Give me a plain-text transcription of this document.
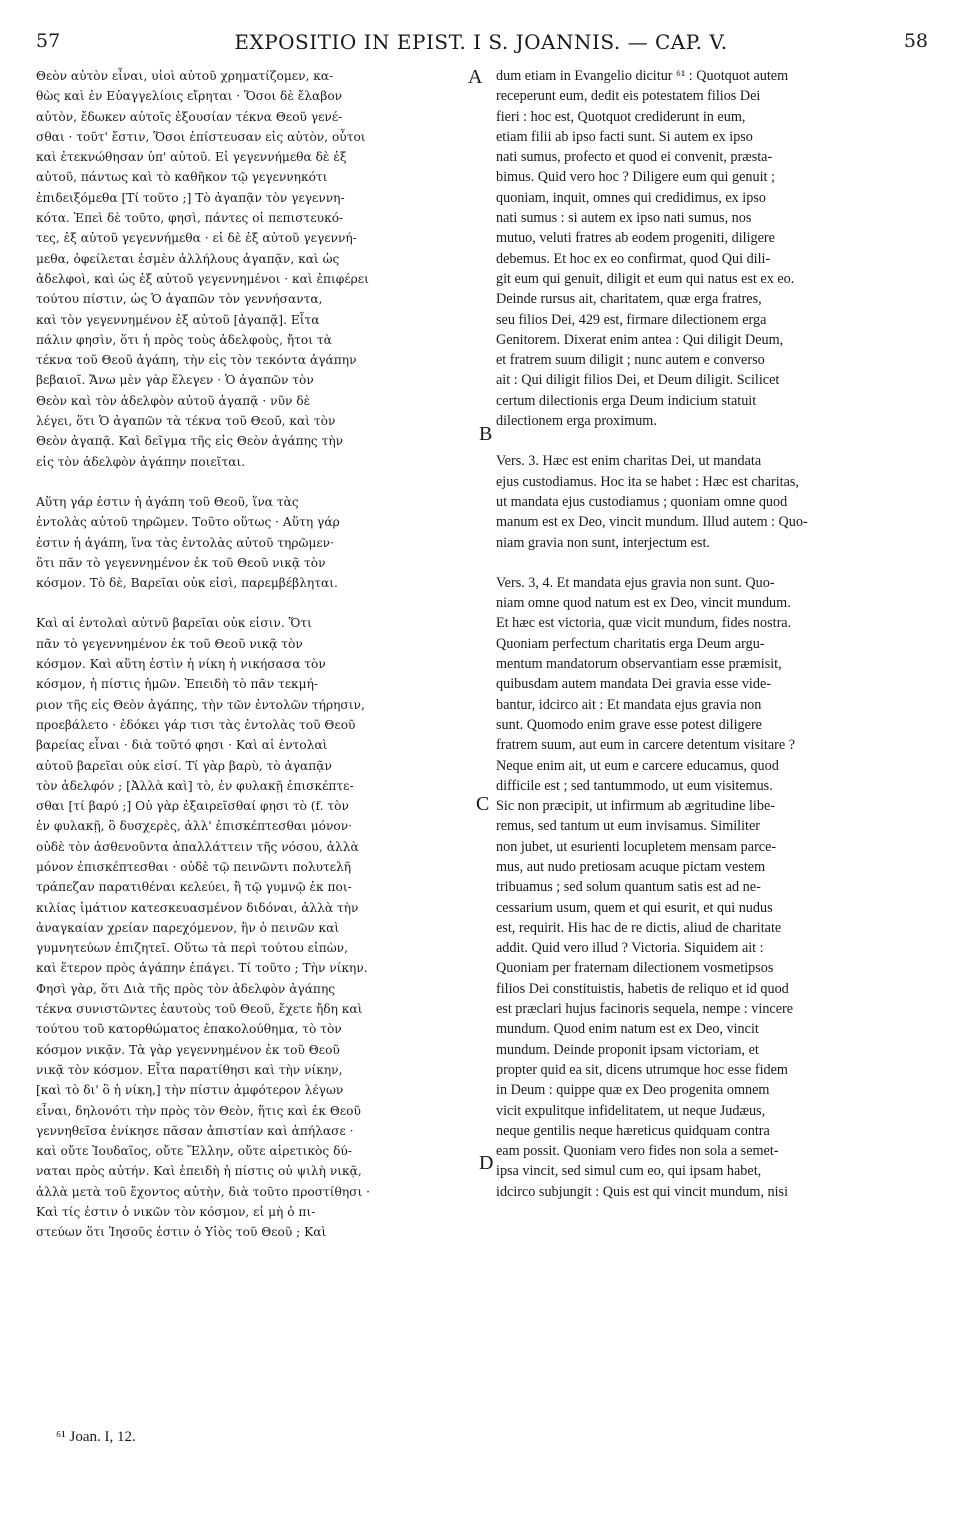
57	EXPOSITIO IN EPIST. I S. JOANNIS. — CAP. V.	58
Θεὸν αὐτὸν εἶναι, υἱοὶ αὐτοῦ χρηματίζομεν, κα-
θὼς καὶ ἐν Εὐαγγελίοις εἴρηται · Ὅσοι δὲ ἔλαβον
αὐτὸν, ἔδωκεν αὐτοῖς ἐξουσίαν τέκνα Θεοῦ γενέ-
σθαι · τοῦτ' ἔστιν, Ὅσοι ἐπίστευσαν εἰς αὐτὸν, οὗτοι
καὶ ἐτεκνώθησαν ὑπ' αὐτοῦ. Εἰ γεγεννήμεθα δὲ ἐξ
αὐτοῦ, πάντως καὶ τὸ καθῆκον τῷ γεγεννηκότι
ἐπιδειξόμεθα [Τί τοῦτο ;] Τὸ ἀγαπᾷν τὸν γεγεννη-
κότα. Ἐπεὶ δὲ τοῦτο, φησὶ, πάντες οἱ πεπιστευκό-
τες, ἐξ αὐτοῦ γεγεννήμεθα · εἰ δὲ ἐξ αὐτοῦ γεγεννή-
μεθα, ὀφείλεται ἐσμὲν ἀλλήλους ἀγαπᾷν, καὶ ὡς
ἀδελφοὶ, καὶ ὡς ἐξ αὐτοῦ γεγεννημένοι · καὶ ἐπιφέρει
τούτου πίστιν, ὡς Ὁ ἀγαπῶν τὸν γεννήσαντα,
καὶ τὸν γεγεννημένον ἐξ αὐτοῦ [ἀγαπᾷ]. Εἶτα
πάλιν φησὶν, ὅτι ἡ πρὸς τοὺς ἀδελφοὺς, ἤτοι τὰ
τέκνα τοῦ Θεοῦ ἀγάπη, τὴν εἰς τὸν τεκόντα ἀγάπην
βεβαιοῖ. Ἄνω μὲν γὰρ ἔλεγεν · Ὁ ἀγαπῶν τὸν
Θεὸν καὶ τὸν ἀδελφὸν αὐτοῦ ἀγαπᾷ · νῦν δὲ
λέγει, ὅτι Ὁ ἀγαπῶν τὰ τέκνα τοῦ Θεοῦ, καὶ τὸν
Θεὸν ἀγαπᾷ. Καὶ δεῖγμα τῆς εἰς Θεὸν ἀγάπης τὴν
εἰς τὸν ἀδελφὸν ἀγάπην ποιεῖται.
Αὕτη γάρ ἐστιν ἡ ἀγάπη τοῦ Θεοῦ, ἵνα τὰς
ἐντολὰς αὐτοῦ τηρῶμεν. Τοῦτο οὕτως · Αὕτη γάρ
ἐστιν ἡ ἀγάπη, ἵνα τὰς ἐντολὰς αὐτοῦ τηρῶμεν·
ὅτι πᾶν τὸ γεγεννημένον ἐκ τοῦ Θεοῦ νικᾷ τὸν
κόσμον. Τὸ δὲ, Βαρεῖαι οὐκ εἰσὶ, παρεμβέβληται.
Καὶ αἱ ἐντολαὶ αὐτνῦ βαρεῖαι οὐκ εἰσιν. Ὅτι
πᾶν τὸ γεγεννημένον ἐκ τοῦ Θεοῦ νικᾷ τὸν
κόσμον. Καὶ αὕτη ἐστὶν ἡ νίκη ἡ νικήσασα τὸν
κόσμον, ἡ πίστις ἡμῶν. Ἐπειδὴ τὸ πᾶν τεκμή-
ριον τῆς εἰς Θεὸν ἀγάπης, τὴν τῶν ἐντολῶν τήρησιν,
προεβάλετο · ἐδόκει γάρ τισι τὰς ἐντολὰς τοῦ Θεοῦ
βαρείας εἶναι · διὰ τοῦτό φησι · Καὶ αἱ ἐντολαὶ
αὐτοῦ βαρεῖαι οὐκ εἰσί. Τί γὰρ βαρὺ, τὸ ἀγαπᾷν
τὸν ἀδελφόν ; [Ἀλλὰ καὶ] τὸ, ἐν φυλακῇ ἐπισκέπτε-
σθαι [τί βαρύ ;] Οὐ γὰρ ἐξαιρεῖσθαί φησι τὸ (f. τὸν
ἐν φυλακῇ, ὃ δυσχερὲς, ἀλλ' ἐπισκέπτεσθαι μόνον·
οὐδὲ τὸν ἀσθενοῦντα ἀπαλλάττειν τῆς νόσου, ἀλλὰ
μόνον ἐπισκέπτεσθαι · οὐδὲ τῷ πεινῶντι πολυτελῆ
τράπεζαν παρατιθέναι κελεύει, ἢ τῷ γυμνῷ ἐκ ποι-
κιλίας ἱμάτιον κατεσκευασμένον διδόναι, ἀλλὰ τὴν
ἀναγκαίαν χρείαν παρεχόμενον, ἣν ὁ πεινῶν καὶ
γυμνητεύων ἐπιζητεῖ. Οὕτω τὰ περὶ τούτου εἰπὼν,
καὶ ἕτερον πρὸς ἀγάπην ἐπάγει. Τί τοῦτο ; Τὴν νίκην.
Φησὶ γὰρ, ὅτι Διὰ τῆς πρὸς τὸν ἀδελφὸν ἀγάπης
τέκνα συνιστῶντες ἑαυτοὺς τοῦ Θεοῦ, ἔχετε ἤδη καὶ
τούτου τοῦ κατορθώματος ἐπακολούθημα, τὸ τὸν
κόσμον νικᾷν. Τὰ γὰρ γεγεννημένον ἐκ τοῦ Θεοῦ
νικᾷ τὸν κόσμον. Εἶτα παρατίθησι καὶ τὴν νίκην,
[καὶ τὸ δι' ὃ ἡ νίκη,] τὴν πίστιν ἀμφότερον λέγων
εἶναι, δηλονότι τὴν πρὸς τὸν Θεὸν, ἥτις καὶ ἐκ Θεοῦ
γεννηθεῖσα ἐνίκησε πᾶσαν ἀπιστίαν καὶ ἀπήλασε ·
καὶ οὔτε Ἰουδαῖος, οὔτε Ἕλλην, οὔτε αἱρετικὸς δύ-
ναται πρὸς αὐτήν. Καὶ ἐπειδὴ ἡ πίστις οὐ ψιλὴ νικᾷ,
ἀλλὰ μετὰ τοῦ ἔχοντος αὐτὴν, διὰ τοῦτο προστίθησι ·
Καὶ τίς ἐστιν ὁ νικῶν τὸν κόσμον, εἰ μὴ ὁ πι-
στεύων ὅτι Ἰησοῦς ἐστιν ὁ Υἱὸς τοῦ Θεοῦ ; Καὶ
dum etiam in Evangelio dicitur ⁶¹ : Quotquot autem
receperunt eum, dedit eis potestatem filios Dei
fieri : hoc est, Quotquot crediderunt in eum,
etiam filii ab ipso facti sunt. Si autem ex ipso
nati sumus, profecto et quod ei convenit, præsta-
bimus. Quid vero hoc ? Diligere eum qui genuit ;
quoniam, inquit, omnes qui credidimus, ex ipso
nati sumus : si autem ex ipso nati sumus, nos
mutuo, veluti fratres ab eodem progeniti, diligere
debemus. Et hoc ex eo confirmat, quod Qui dili-
git eum qui genuit, diligit et eum qui natus est ex eo.
Deinde rursus ait, charitatem, quæ erga fratres,
seu filios Dei, 429 est, firmare dilectionem erga
Genitorem. Dixerat enim antea : Qui diligit Deum,
et fratrem suum diligit ; nunc autem e converso
ait : Qui diligit filios Dei, et Deum diligit. Scilicet
certum dilectionis erga Deum indicium statuit
dilectionem erga proximum.
Vers. 3. Hæc est enim charitas Dei, ut mandata
ejus custodiamus. Hoc ita se habet : Hæc est charitas,
ut mandata ejus custodiamus ; quoniam omne quod
manum est ex Deo, vincit mundum. Illud autem : Quo-
niam gravia non sunt, interjectum est.
Vers. 3, 4. Et mandata ejus gravia non sunt. Quo-
niam omne quod natum est ex Deo, vincit mundum.
Et hæc est victoria, quæ vicit mundum, fides nostra.
Quoniam perfectum charitatis erga Deum argu-
mentum mandatorum observantiam esse præmisit,
quibusdam autem mandata Dei gravia esse vide-
bantur, idcirco ait : Et mandata ejus gravia non
sunt. Quomodo enim grave esse potest diligere
fratrem suum, aut eum in carcere detentum visitare ?
Neque enim ait, ut eum e carcere educamus, quod
difficile est ; sed tantummodo, ut eum visitemus.
Sic non præcipit, ut infirmum ab ægritudine libe-
remus, sed tantum ut eum invisamus. Similiter
non jubet, ut esurienti locupletem mensam parce-
mus, aut nudo pretiosam acuque pictam vestem
tribuamus ; sed solum quantum satis est ad ne-
cessarium usum, quem et qui esurit, et qui nudus
est, requirit. His hac de re dictis, aliud de charitate
addit. Quid vero illud ? Victoria. Siquidem ait :
Quoniam per fraternam dilectionem vosmetipsos
filios Dei constituistis, habetis de reliquo et id quod
est præclari hujus facinoris sequela, nempe : vincere
mundum. Quod enim natum est ex Deo, vincit
mundum. Deinde proponit ipsam victoriam, et
propter quid ea sit, dicens utrumque hoc esse fidem
in Deum : quippe quæ ex Deo progenita omnem
vicit expulitque infidelitatem, ut neque Judæus,
neque gentilis neque hæreticus quidquam contra
eam possit. Quoniam vero fides non sola a semet-
ipsa vincit, sed simul cum eo, qui ipsam habet,
idcirco subjungit : Quis est qui vincit mundum, nisi
A
B
C
D
⁶¹ Joan. I, 12.
